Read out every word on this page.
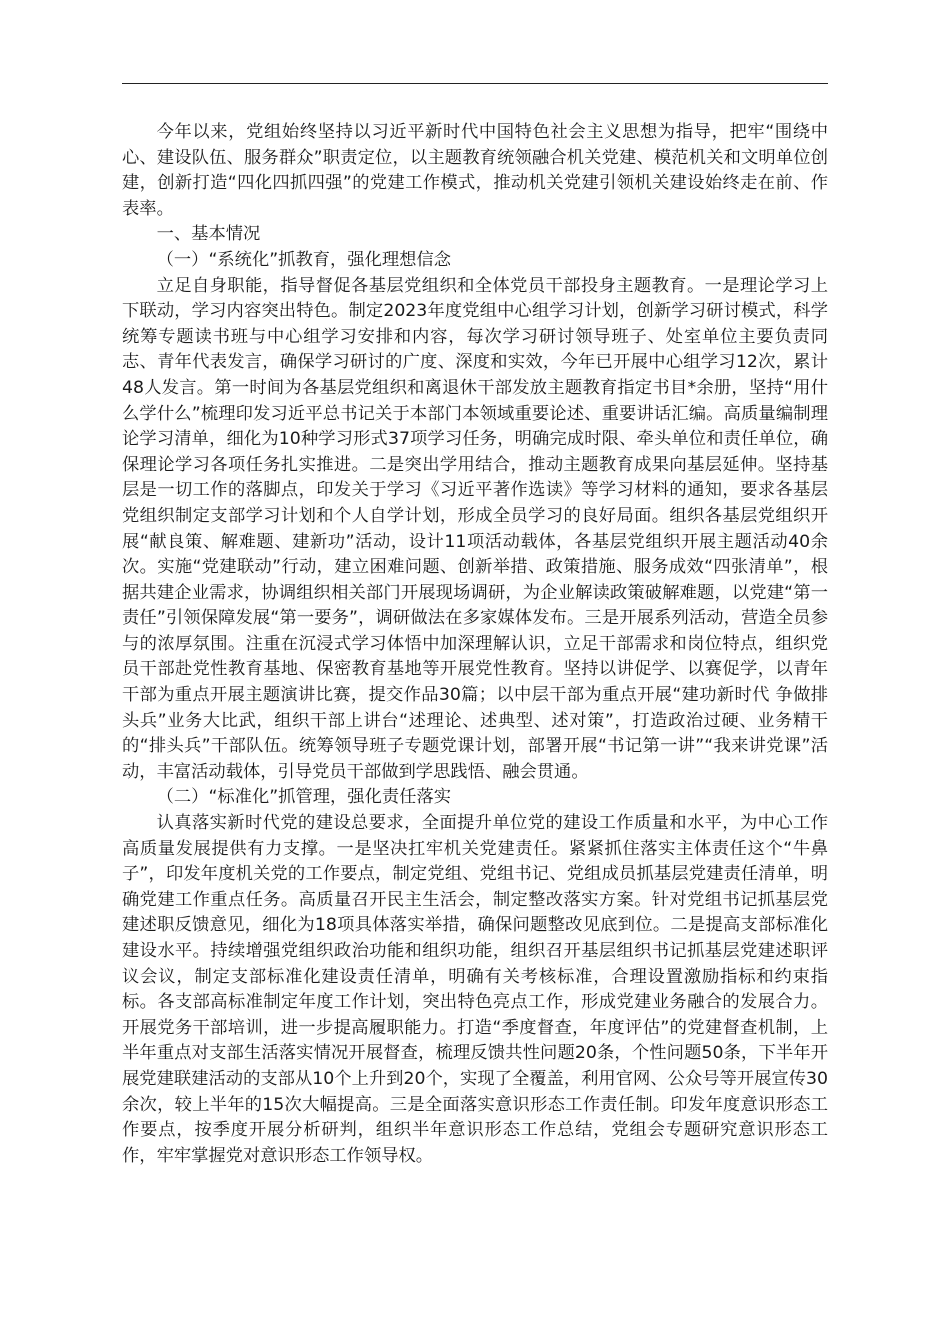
今年以来，党组始终坚持以习近平新时代中国特色社会主义思想为指导，把牢“围绕中心、建设队伍、服务群众”职责定位，以主题教育统领融合机关党建、模范机关和文明单位创建，创新打造“四化四抓四强”的党建工作模式，推动机关党建引领机关建设始终走在前、作表率。

一、基本情况

（一）“系统化”抓教育，强化理想信念

立足自身职能，指导督促各基层党组织和全体党员干部投身主题教育。一是理论学习上下联动，学习内容突出特色。制定2023年度党组中心组学习计划，创新学习研讨模式，科学统筹专题读书班与中心组学习安排和内容，每次学习研讨领导班子、处室单位主要负责同志、青年代表发言，确保学习研讨的广度、深度和实效，今年已开展中心组学习12次，累计48人发言。第一时间为各基层党组织和离退休干部发放主题教育指定书目*余册，坚持“用什么学什么”梳理印发习近平总书记关于本部门本领域重要论述、重要讲话汇编。高质量编制理论学习清单，细化为10种学习形式37项学习任务，明确完成时限、牵头单位和责任单位，确保理论学习各项任务扎实推进。二是突出学用结合，推动主题教育成果向基层延伸。坚持基层是一切工作的落脚点，印发关于学习《习近平著作选读》等学习材料的通知，要求各基层党组织制定支部学习计划和个人自学计划，形成全员学习的良好局面。组织各基层党组织开展“献良策、解难题、建新功”活动，设计11项活动载体，各基层党组织开展主题活动40余次。实施“党建联动”行动，建立困难问题、创新举措、政策措施、服务成效“四张清单”，根据共建企业需求，协调组织相关部门开展现场调研，为企业解读政策破解难题，以党建“第一责任”引领保障发展“第一要务”，调研做法在多家媒体发布。三是开展系列活动，营造全员参与的浓厚氛围。注重在沉浸式学习体悟中加深理解认识，立足干部需求和岗位特点，组织党员干部赴党性教育基地、保密教育基地等开展党性教育。坚持以讲促学、以赛促学，以青年干部为重点开展主题演讲比赛，提交作品30篇；以中层干部为重点开展“建功新时代 争做排头兵”业务大比武，组织干部上讲台“述理论、述典型、述对策”，打造政治过硬、业务精干的“排头兵”干部队伍。统筹领导班子专题党课计划，部署开展“书记第一讲”“我来讲党课”活动，丰富活动载体，引导党员干部做到学思践悟、融会贯通。

（二）“标准化”抓管理，强化责任落实

认真落实新时代党的建设总要求，全面提升单位党的建设工作质量和水平，为中心工作高质量发展提供有力支撑。一是坚决扛牢机关党建责任。紧紧抓住落实主体责任这个“牛鼻子”，印发年度机关党的工作要点，制定党组、党组书记、党组成员抓基层党建责任清单，明确党建工作重点任务。高质量召开民主生活会，制定整改落实方案。针对党组书记抓基层党建述职反馈意见，细化为18项具体落实举措，确保问题整改见底到位。二是提高支部标准化建设水平。持续增强党组织政治功能和组织功能，组织召开基层组织书记抓基层党建述职评议会议，制定支部标准化建设责任清单，明确有关考核标准，合理设置激励指标和约束指标。各支部高标准制定年度工作计划，突出特色亮点工作，形成党建业务融合的发展合力。开展党务干部培训，进一步提高履职能力。打造“季度督查，年度评估”的党建督查机制，上半年重点对支部生活落实情况开展督查，梳理反馈共性问题20条，个性问题50条，下半年开展党建联建活动的支部从10个上升到20个，实现了全覆盖，利用官网、公众号等开展宣传30余次，较上半年的15次大幅提高。三是全面落实意识形态工作责任制。印发年度意识形态工作要点，按季度开展分析研判，组织半年意识形态工作总结，党组会专题研究意识形态工作，牢牢掌握党对意识形态工作领导权。
